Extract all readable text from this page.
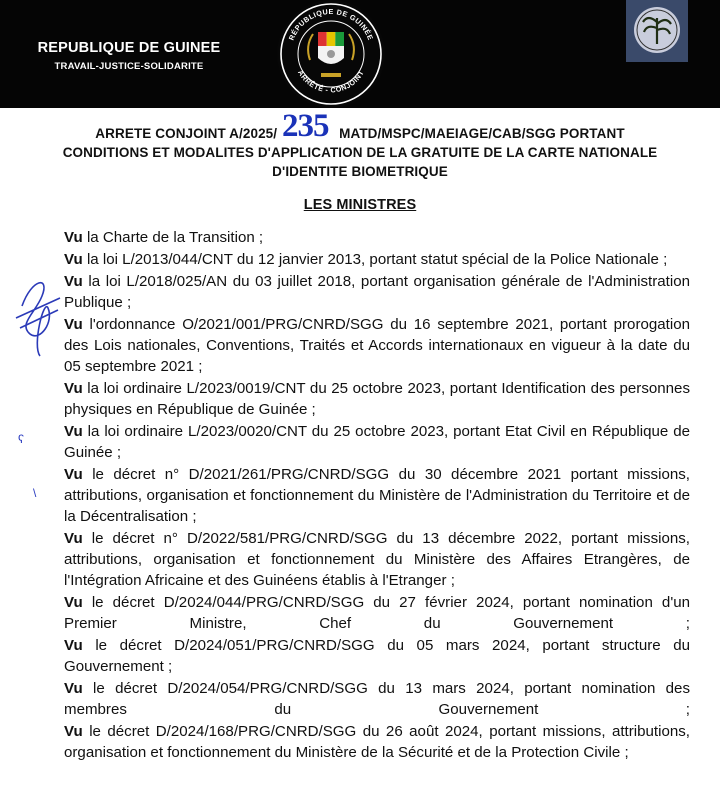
REPUBLIQUE DE GUINEE
TRAVAIL-JUSTICE-SOLIDARITE
RÉPUBLIQUE DE GUINÉE
ARRÊTÉ - CONJOINT
ARRETE CONJOINT A/2025/	MATD/MSPC/MAEIAGE/CAB/SGG PORTANT
235
CONDITIONS ET MODALITES D'APPLICATION DE LA GRATUITE DE LA CARTE NATIONALE
D'IDENTITE BIOMETRIQUE
LES MINISTRES
ʕ
\
Vu la Charte de la Transition ;
Vu la loi L/2013/044/CNT du 12 janvier 2013, portant statut spécial de la Police Nationale ;
Vu la loi L/2018/025/AN du 03 juillet 2018, portant organisation générale de l'Administration Publique ;
Vu l'ordonnance O/2021/001/PRG/CNRD/SGG du 16 septembre 2021, portant prorogation des Lois nationales, Conventions, Traités et Accords internationaux en vigueur à la date du 05 septembre 2021 ;
Vu la loi ordinaire L/2023/0019/CNT du 25 octobre 2023, portant Identification des personnes physiques en République de Guinée ;
Vu la loi ordinaire L/2023/0020/CNT du 25 octobre 2023, portant Etat Civil en République de Guinée ;
Vu le décret n° D/2021/261/PRG/CNRD/SGG du 30 décembre 2021 portant missions, attributions, organisation et fonctionnement du Ministère de l'Administration du Territoire et de la Décentralisation ;
Vu le décret n° D/2022/581/PRG/CNRD/SGG du 13 décembre 2022, portant missions, attributions, organisation et fonctionnement du Ministère des Affaires Etrangères, de l'Intégration Africaine et des Guinéens établis à l'Etranger ;
Vu le décret D/2024/044/PRG/CNRD/SGG du 27 février 2024, portant nomination d'un Premier Ministre, Chef du Gouvernement ;
Vu le décret D/2024/051/PRG/CNRD/SGG du 05 mars 2024, portant structure du Gouvernement ;
Vu le décret D/2024/054/PRG/CNRD/SGG du 13 mars 2024, portant nomination des membres du Gouvernement ;
Vu le décret D/2024/168/PRG/CNRD/SGG du 26 août 2024, portant missions, attributions, organisation et fonctionnement du Ministère de la Sécurité et de la Protection Civile ;
